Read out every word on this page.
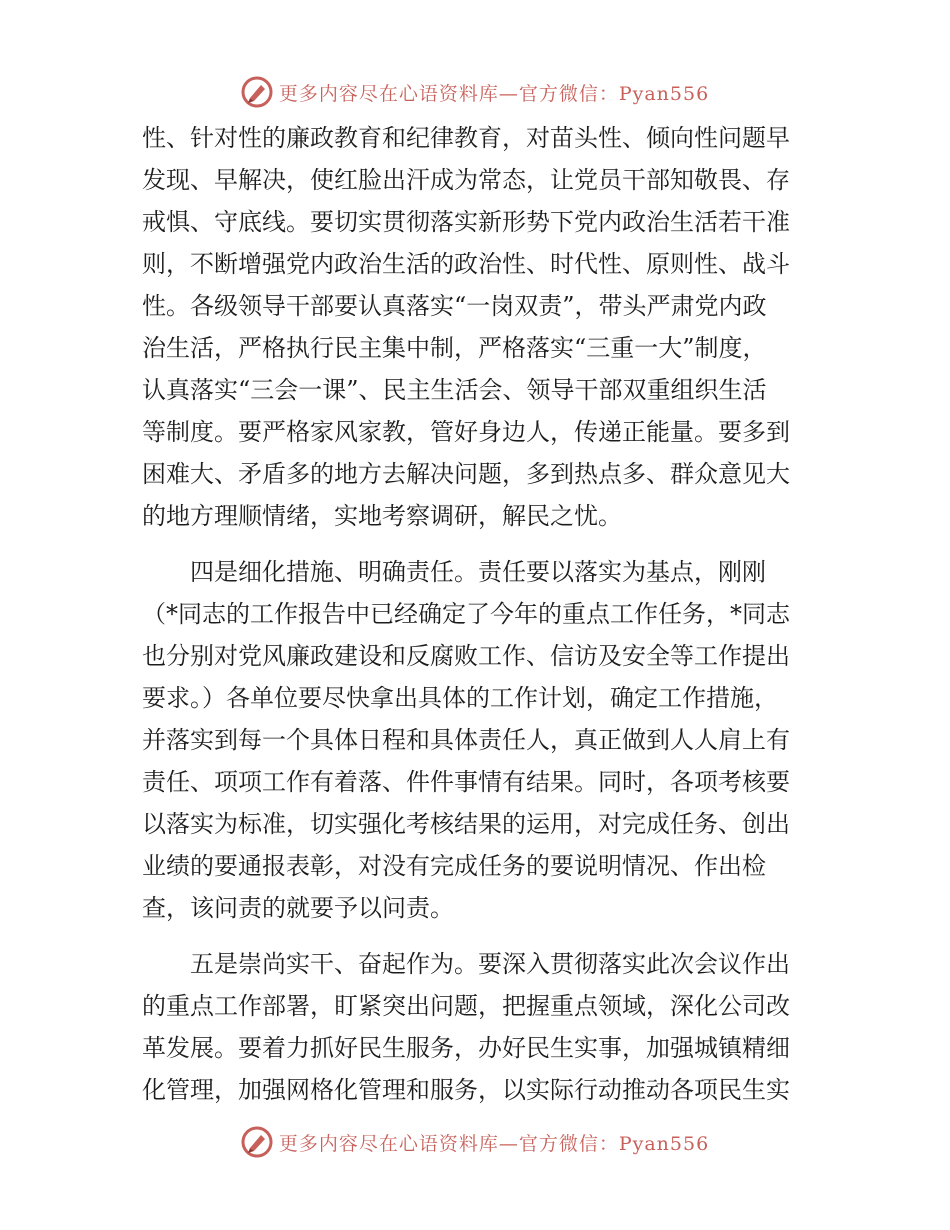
更多内容尽在心语资料库—官方微信：Pyan556
性、针对性的廉政教育和纪律教育，对苗头性、倾向性问题早
发现、早解决，使红脸出汗成为常态，让党员干部知敬畏、存
戒惧、守底线。要切实贯彻落实新形势下党内政治生活若干准
则，不断增强党内政治生活的政治性、时代性、原则性、战斗
性。各级领导干部要认真落实“一岗双责”，带头严肃党内政
治生活，严格执行民主集中制，严格落实“三重一大”制度，
认真落实“三会一课”、民主生活会、领导干部双重组织生活
等制度。要严格家风家教，管好身边人，传递正能量。要多到
困难大、矛盾多的地方去解决问题，多到热点多、群众意见大
的地方理顺情绪，实地考察调研，解民之忧。
　　四是细化措施、明确责任。责任要以落实为基点，刚刚
（*同志的工作报告中已经确定了今年的重点工作任务，*同志
也分别对党风廉政建设和反腐败工作、信访及安全等工作提出
要求。）各单位要尽快拿出具体的工作计划，确定工作措施，
并落实到每一个具体日程和具体责任人，真正做到人人肩上有
责任、项项工作有着落、件件事情有结果。同时，各项考核要
以落实为标准，切实强化考核结果的运用，对完成任务、创出
业绩的要通报表彰，对没有完成任务的要说明情况、作出检
查，该问责的就要予以问责。
　　五是崇尚实干、奋起作为。要深入贯彻落实此次会议作出
的重点工作部署，盯紧突出问题，把握重点领域，深化公司改
革发展。要着力抓好民生服务，办好民生实事，加强城镇精细
化管理，加强网格化管理和服务，以实际行动推动各项民生实
更多内容尽在心语资料库—官方微信：Pyan556
